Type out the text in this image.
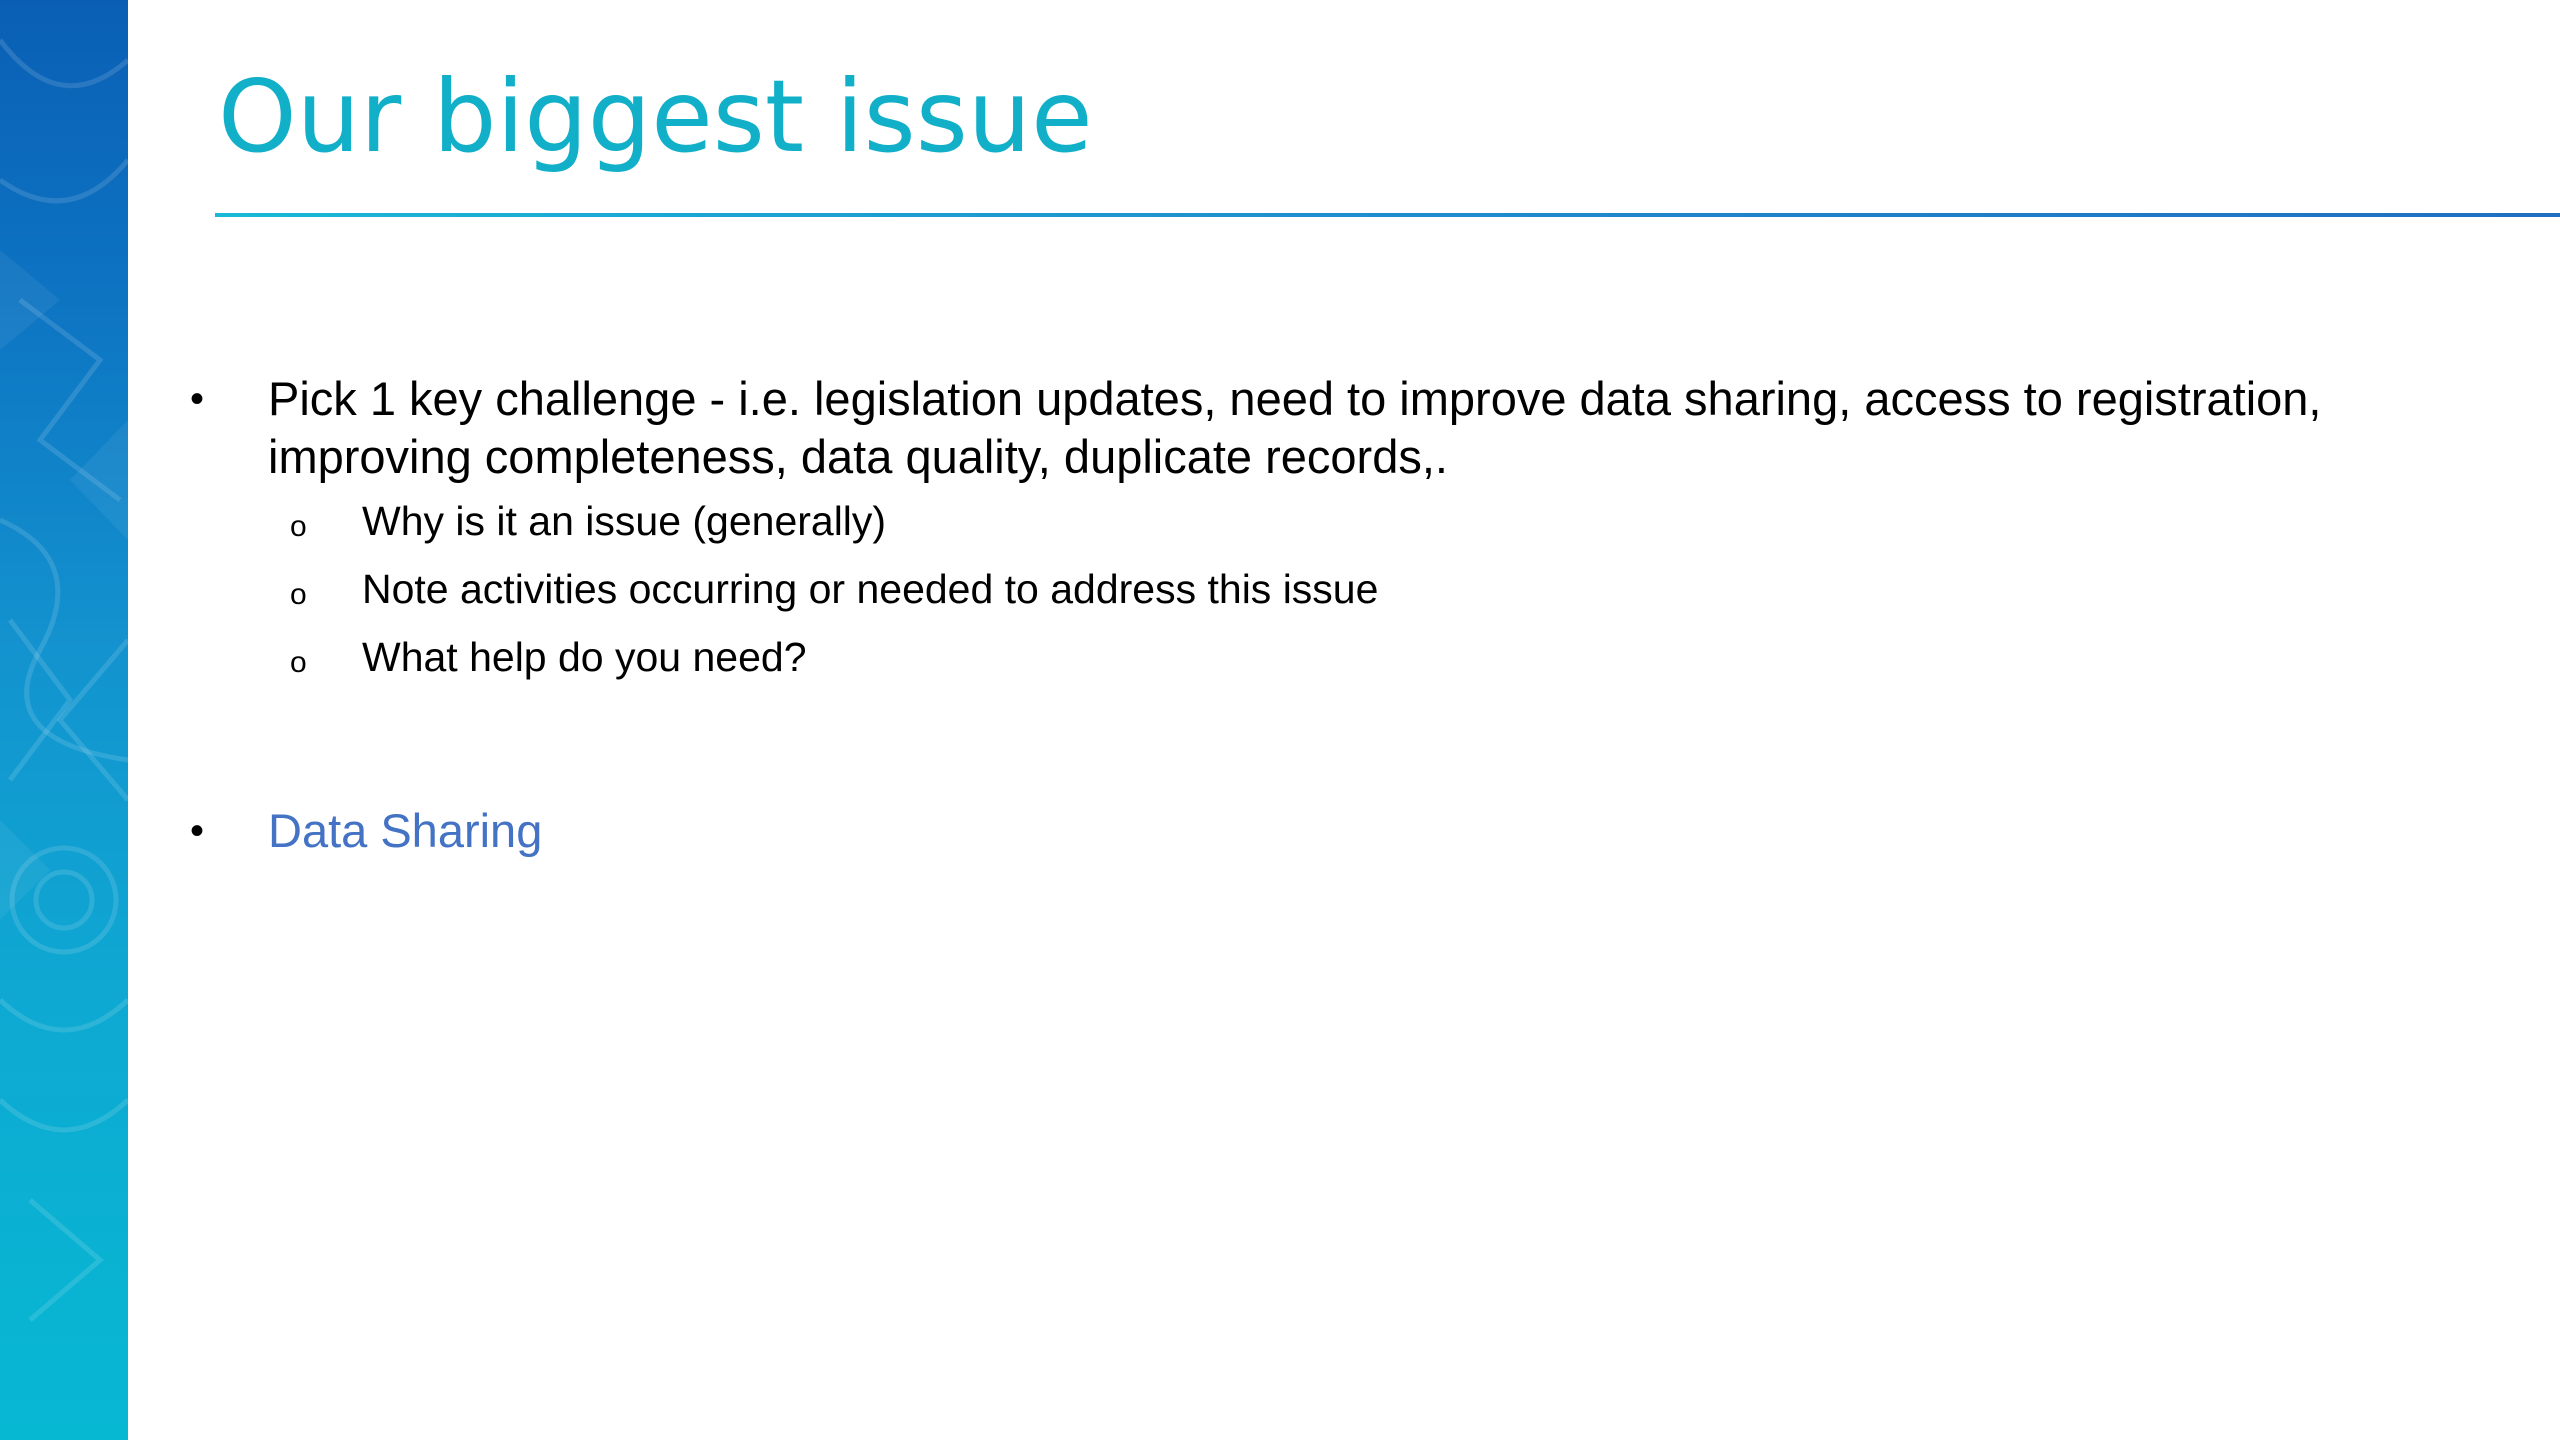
Our biggest issue
•	Pick 1 key challenge - i.e. legislation updates, need to improve data sharing, access to registration, improving completeness, data quality, duplicate records,.
o Why is it an issue (generally)
o Note activities occurring or needed to address this issue
o What help do you need?
•	Data Sharing
